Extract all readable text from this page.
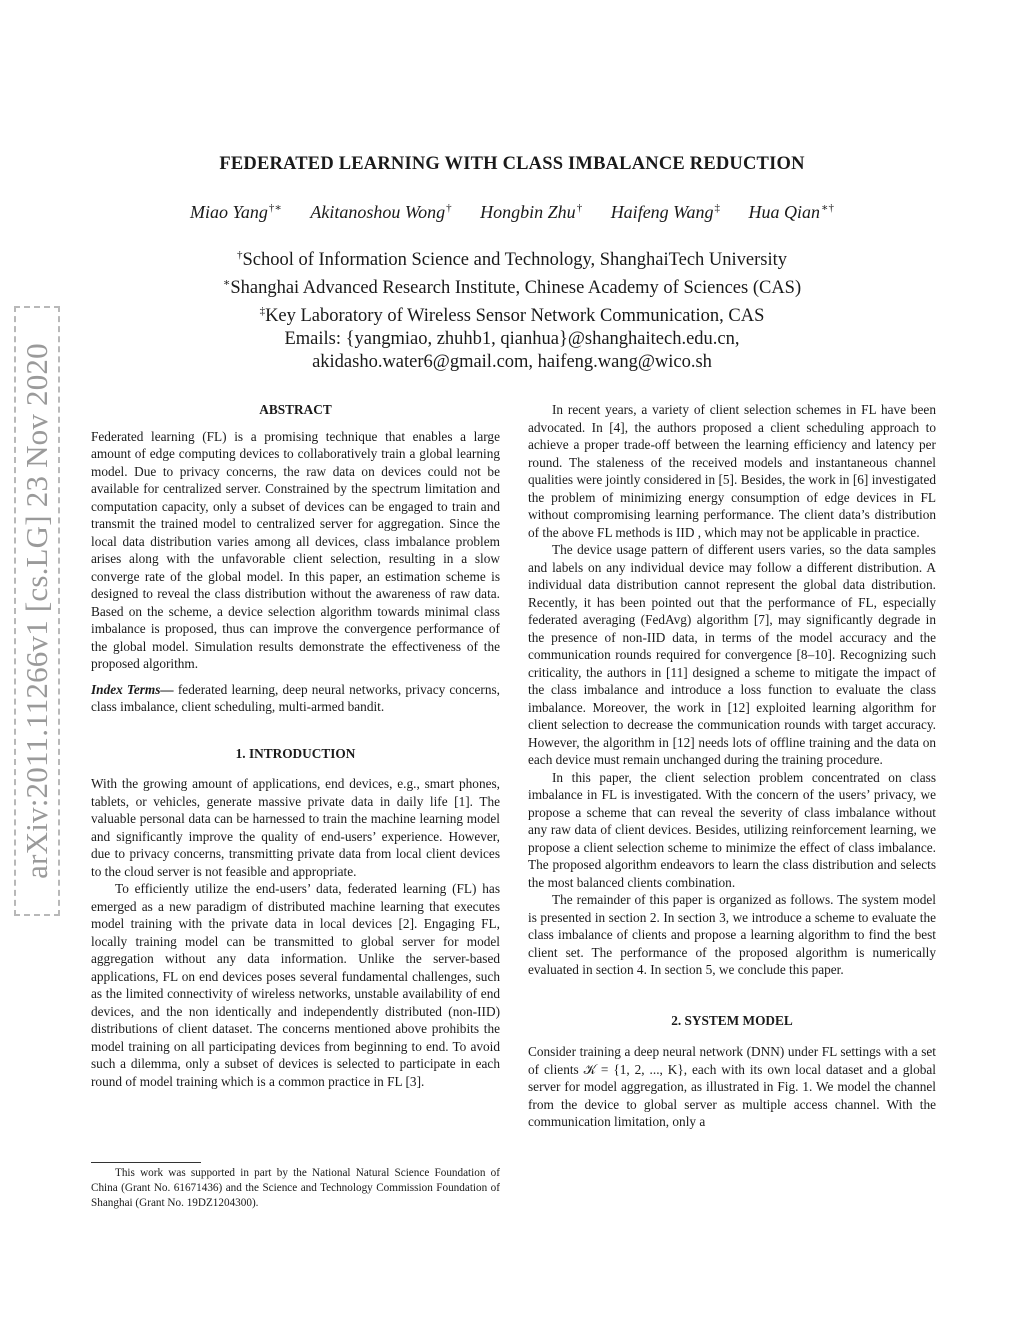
arXiv:2011.11266v1 [cs.LG] 23 Nov 2020
FEDERATED LEARNING WITH CLASS IMBALANCE REDUCTION
Miao Yang†∗ Akitanoshou Wong† Hongbin Zhu† Haifeng Wang‡ Hua Qian∗†
†School of Information Science and Technology, ShanghaiTech University
∗Shanghai Advanced Research Institute, Chinese Academy of Sciences (CAS)
‡Key Laboratory of Wireless Sensor Network Communication, CAS
Emails: {yangmiao, zhuhb1, qianhua}@shanghaitech.edu.cn,
akidasho.water6@gmail.com, haifeng.wang@wico.sh
ABSTRACT

Federated learning (FL) is a promising technique that enables a large amount of edge computing devices to collaboratively train a global learning model. Due to privacy concerns, the raw data on devices could not be available for centralized server. Constrained by the spectrum limitation and computation capacity, only a subset of devices can be engaged to train and transmit the trained model to centralized server for aggregation. Since the local data distribution varies among all devices, class imbalance problem arises along with the unfavorable client selection, resulting in a slow converge rate of the global model. In this paper, an estimation scheme is designed to reveal the class distribution without the awareness of raw data. Based on the scheme, a device selection algorithm towards minimal class imbalance is proposed, thus can improve the convergence performance of the global model. Simulation results demonstrate the effectiveness of the proposed algorithm.

Index Terms— federated learning, deep neural networks, privacy concerns, class imbalance, client scheduling, multi-armed bandit.

1. INTRODUCTION

With the growing amount of applications, end devices, e.g., smart phones, tablets, or vehicles, generate massive private data in daily life [1]. The valuable personal data can be harnessed to train the machine learning model and significantly improve the quality of end-users’ experience. However, due to privacy concerns, transmitting private data from local client devices to the cloud server is not feasible and appropriate.

To efficiently utilize the end-users’ data, federated learning (FL) has emerged as a new paradigm of distributed machine learning that executes model training with the private data in local devices [2]. Engaging FL, locally training model can be transmitted to global server for model aggregation without any data information. Unlike the server-based applications, FL on end devices poses several fundamental challenges, such as the limited connectivity of wireless networks, unstable availability of end devices, and the non identically and independently distributed (non-IID) distributions of client dataset. The concerns mentioned above prohibits the model training on all participating devices from beginning to end. To avoid such a dilemma, only a subset of devices is selected to participate in each round of model training which is a common practice in FL [3].

This work was supported in part by the National Natural Science Foundation of China (Grant No. 61671436) and the Science and Technology Commission Foundation of Shanghai (Grant No. 19DZ1204300).

In recent years, a variety of client selection schemes in FL have been advocated. In [4], the authors proposed a client scheduling approach to achieve a proper trade-off between the learning efficiency and latency per round. The staleness of the received models and instantaneous channel qualities were jointly considered in [5]. Besides, the work in [6] investigated the problem of minimizing energy consumption of edge devices in FL without compromising learning performance. The client data’s distribution of the above FL methods is IID , which may not be applicable in practice.

The device usage pattern of different users varies, so the data samples and labels on any individual device may follow a different distribution. A individual data distribution cannot represent the global data distribution. Recently, it has been pointed out that the performance of FL, especially federated averaging (FedAvg) algorithm [7], may significantly degrade in the presence of non-IID data, in terms of the model accuracy and the communication rounds required for convergence [8–10]. Recognizing such criticality, the authors in [11] designed a scheme to mitigate the impact of the class imbalance and introduce a loss function to evaluate the class imbalance. Moreover, the work in [12] exploited learning algorithm for client selection to decrease the communication rounds with target accuracy. However, the algorithm in [12] needs lots of offline training and the data on each device must remain unchanged during the training procedure.

In this paper, the client selection problem concentrated on class imbalance in FL is investigated. With the concern of the users’ privacy, we propose a scheme that can reveal the severity of class imbalance without any raw data of client devices. Besides, utilizing reinforcement learning, we propose a client selection scheme to minimize the effect of class imbalance. The proposed algorithm endeavors to learn the class distribution and selects the most balanced clients combination.

The remainder of this paper is organized as follows. The system model is presented in section 2. In section 3, we introduce a scheme to evaluate the class imbalance of clients and propose a learning algorithm to find the best client set. The performance of the proposed algorithm is numerically evaluated in section 4. In section 5, we conclude this paper.

2. SYSTEM MODEL

Consider training a deep neural network (DNN) under FL settings with a set of clients 𝒦 = {1, 2, ..., K}, each with its own local dataset and a global server for model aggregation, as illustrated in Fig. 1. We model the channel from the device to global server as multiple access channel. With the communication limitation, only a
